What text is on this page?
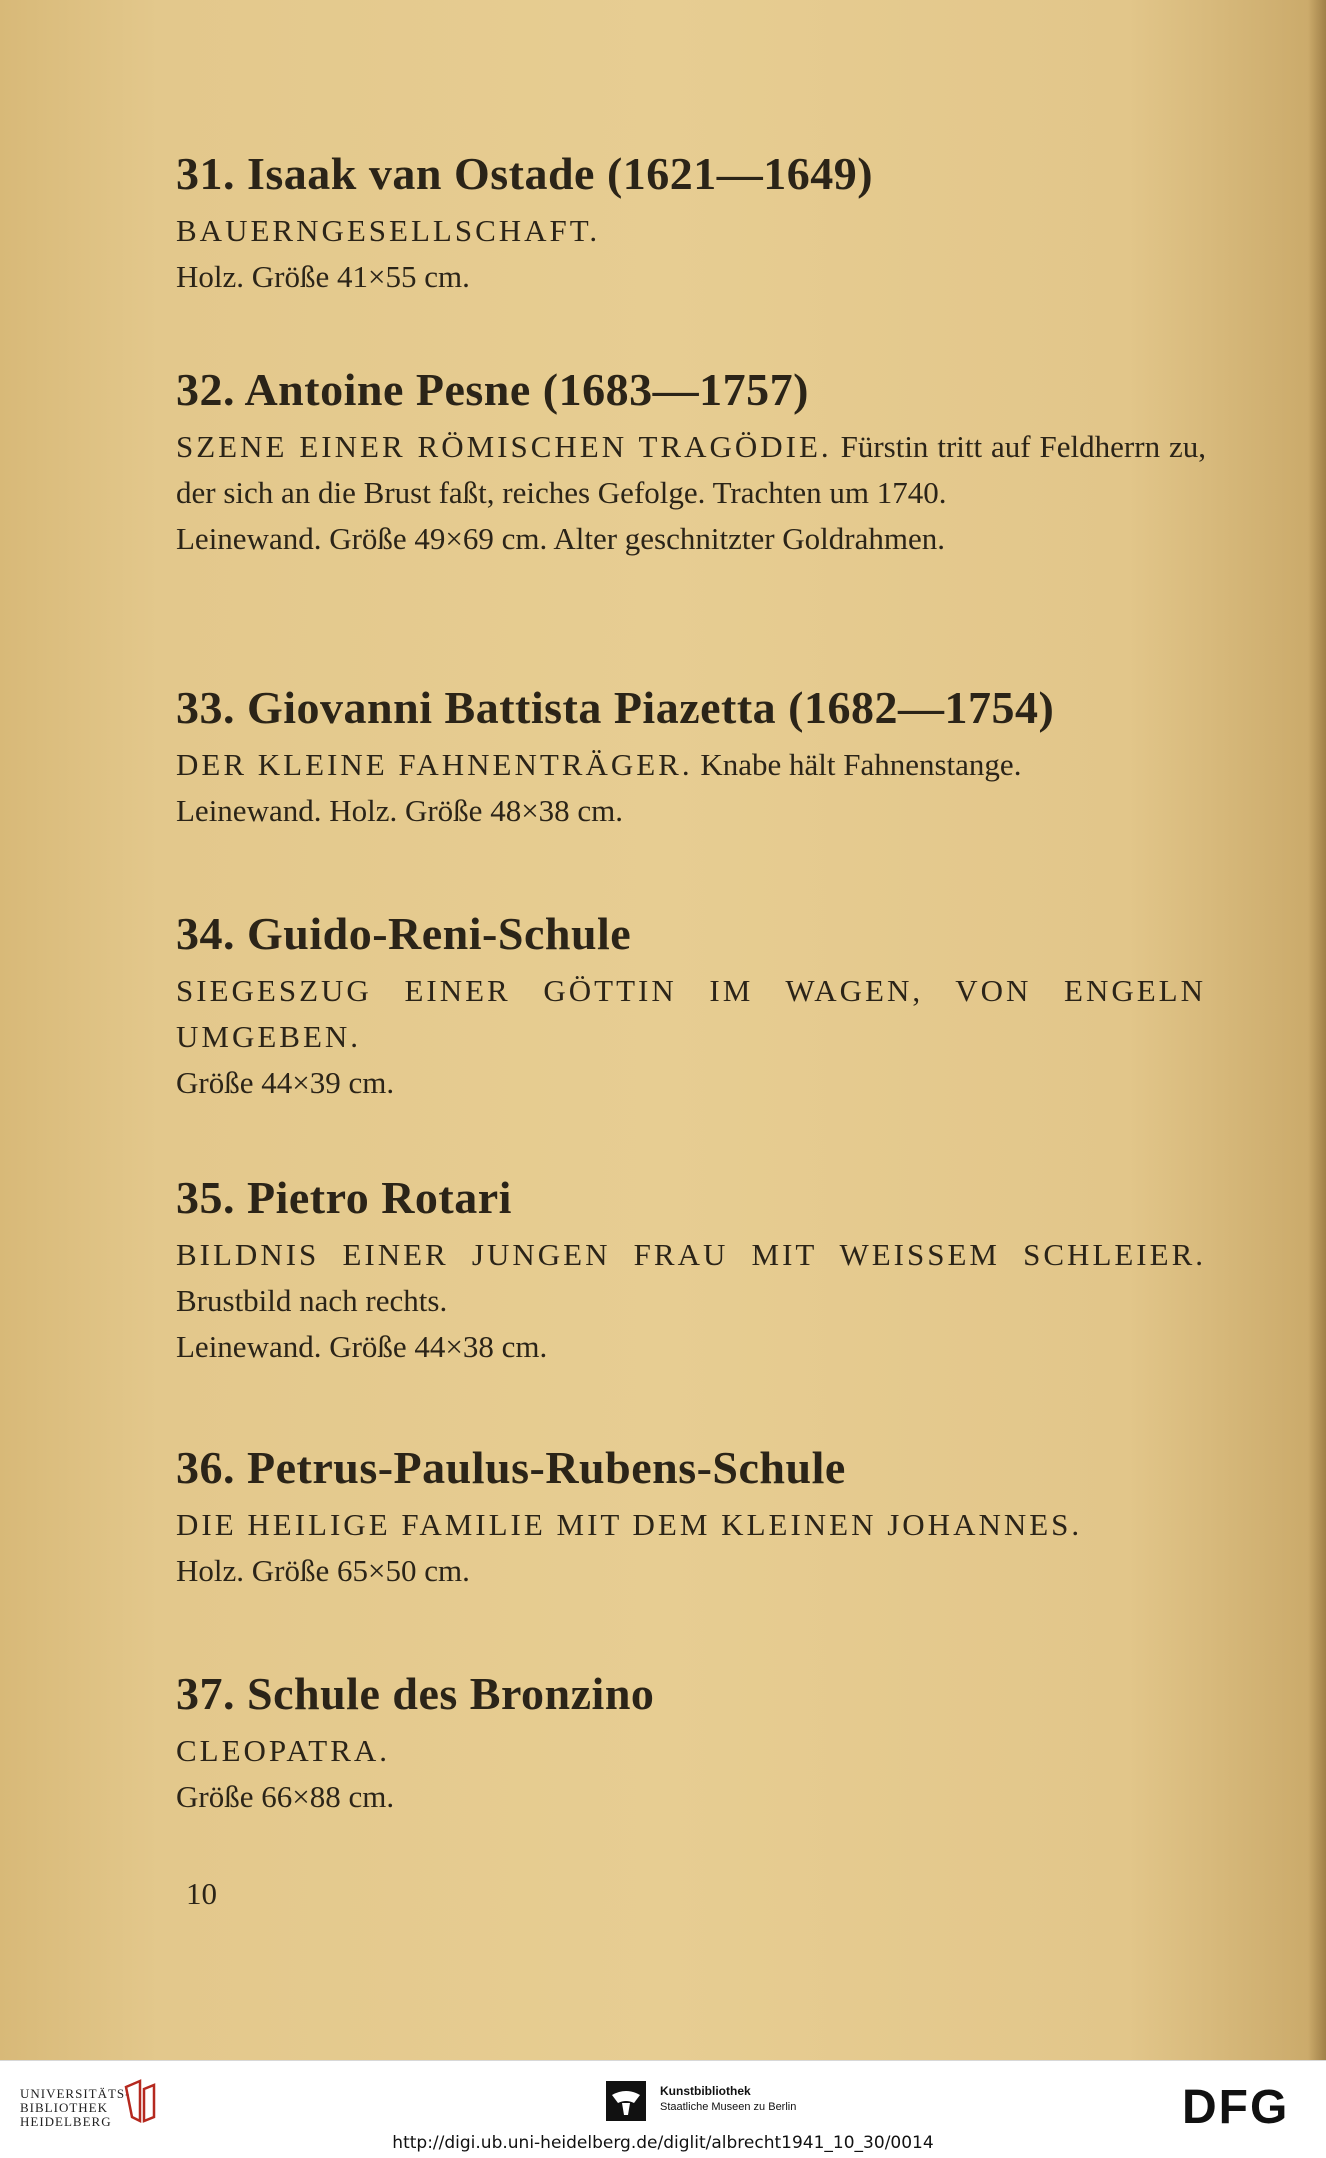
31. Isaak van Ostade (1621—1649)

BAUERNGESELLSCHAFT.

Holz. Größe 41×55 cm.

32. Antoine Pesne (1683—1757)

SZENE EINER RÖMISCHEN TRAGÖDIE. Fürstin tritt auf Feldherrn zu, der sich an die Brust faßt, reiches Gefolge. Trachten um 1740.

Leinewand. Größe 49×69 cm. Alter geschnitzter Goldrahmen.

33. Giovanni Battista Piazetta (1682—1754)

DER KLEINE FAHNENTRÄGER. Knabe hält Fahnenstange.

Leinewand. Holz. Größe 48×38 cm.

34. Guido-Reni-Schule

SIEGESZUG EINER GÖTTIN IM WAGEN, VON ENGELN UMGEBEN.

Größe 44×39 cm.

35. Pietro Rotari

BILDNIS EINER JUNGEN FRAU MIT WEISSEM SCHLEIER. Brustbild nach rechts.

Leinewand. Größe 44×38 cm.

36. Petrus-Paulus-Rubens-Schule

DIE HEILIGE FAMILIE MIT DEM KLEINEN JOHANNES.

Holz. Größe 65×50 cm.

37. Schule des Bronzino

CLEOPATRA.

Größe 66×88 cm.

10
UNIVERSITÄTS-
BIBLIOTHEK
HEIDELBERG
Kunstbibliothek
Staatliche Museen zu Berlin	DFG
http://digi.ub.uni-heidelberg.de/diglit/albrecht1941_10_30/0014
